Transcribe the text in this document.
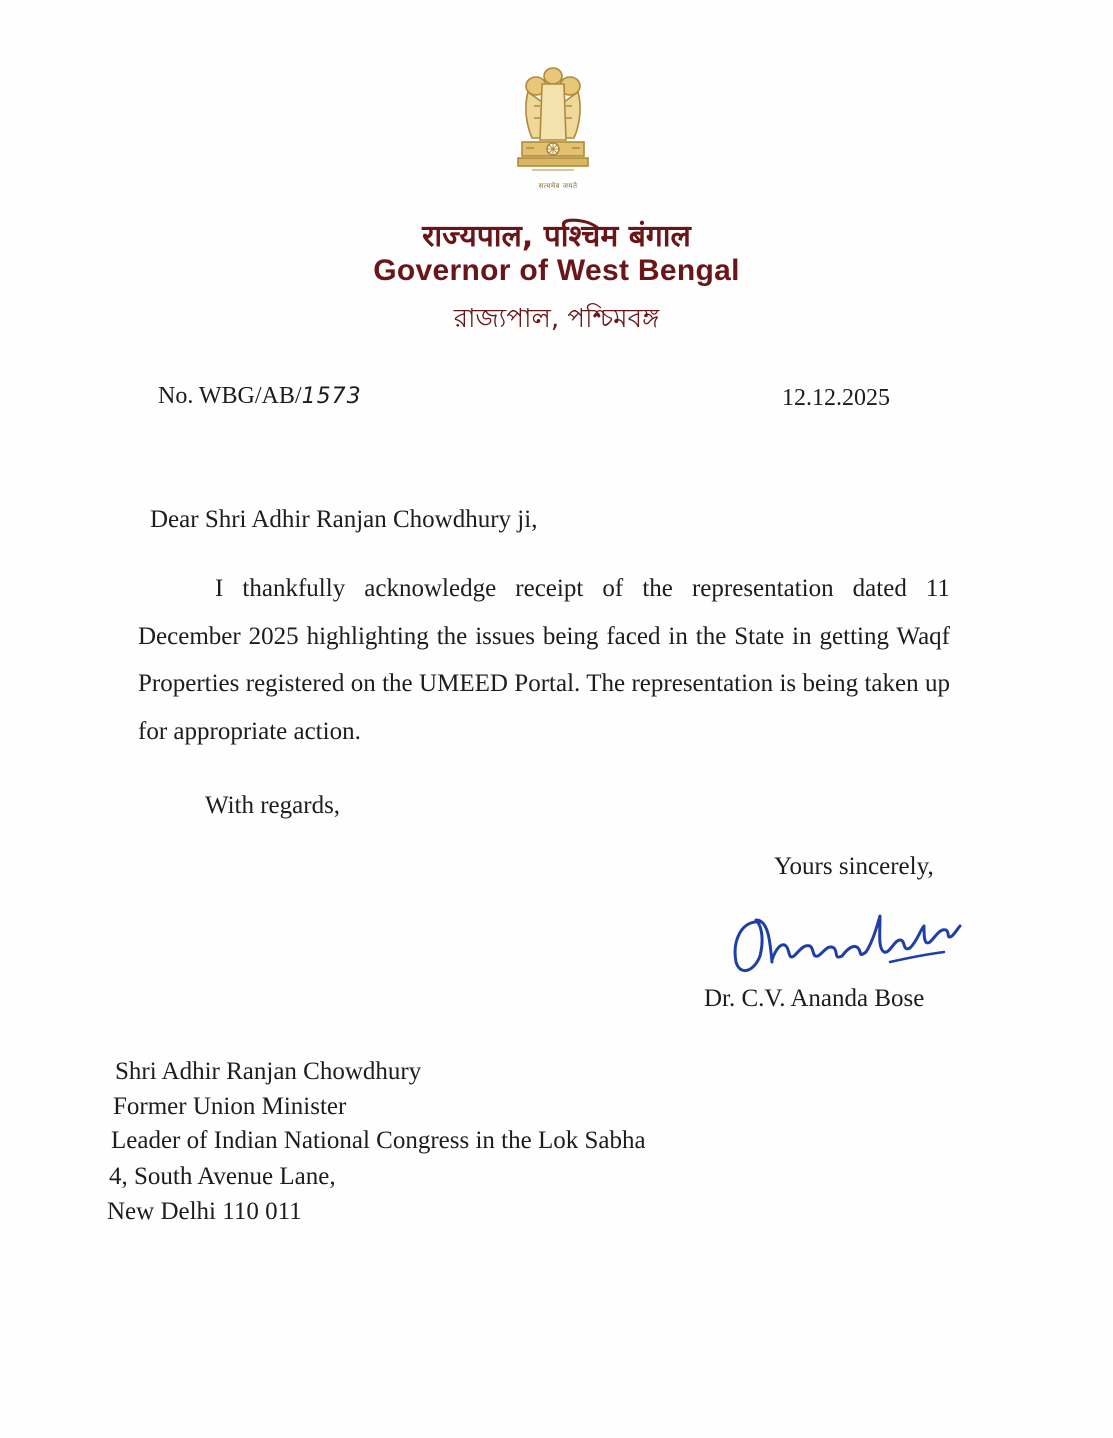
सत्यमेव जयते
राज्यपाल, पश्चिम बंगाल
Governor of West Bengal
রাজ্যপাল, পশ্চিমবঙ্গ
No. WBG/AB/1573	12.12.2025
Dear Shri Adhir Ranjan Chowdhury ji,

I thankfully acknowledge receipt of the representation dated 11 December 2025 highlighting the issues being faced in the State in getting Waqf Properties registered on the UMEED Portal. The representation is being taken up for appropriate action.

With regards,
Yours sincerely,
Dr. C.V. Ananda Bose
Shri Adhir Ranjan Chowdhury
Former Union Minister
Leader of Indian National Congress in the Lok Sabha
4, South Avenue Lane,
New Delhi 110 011
